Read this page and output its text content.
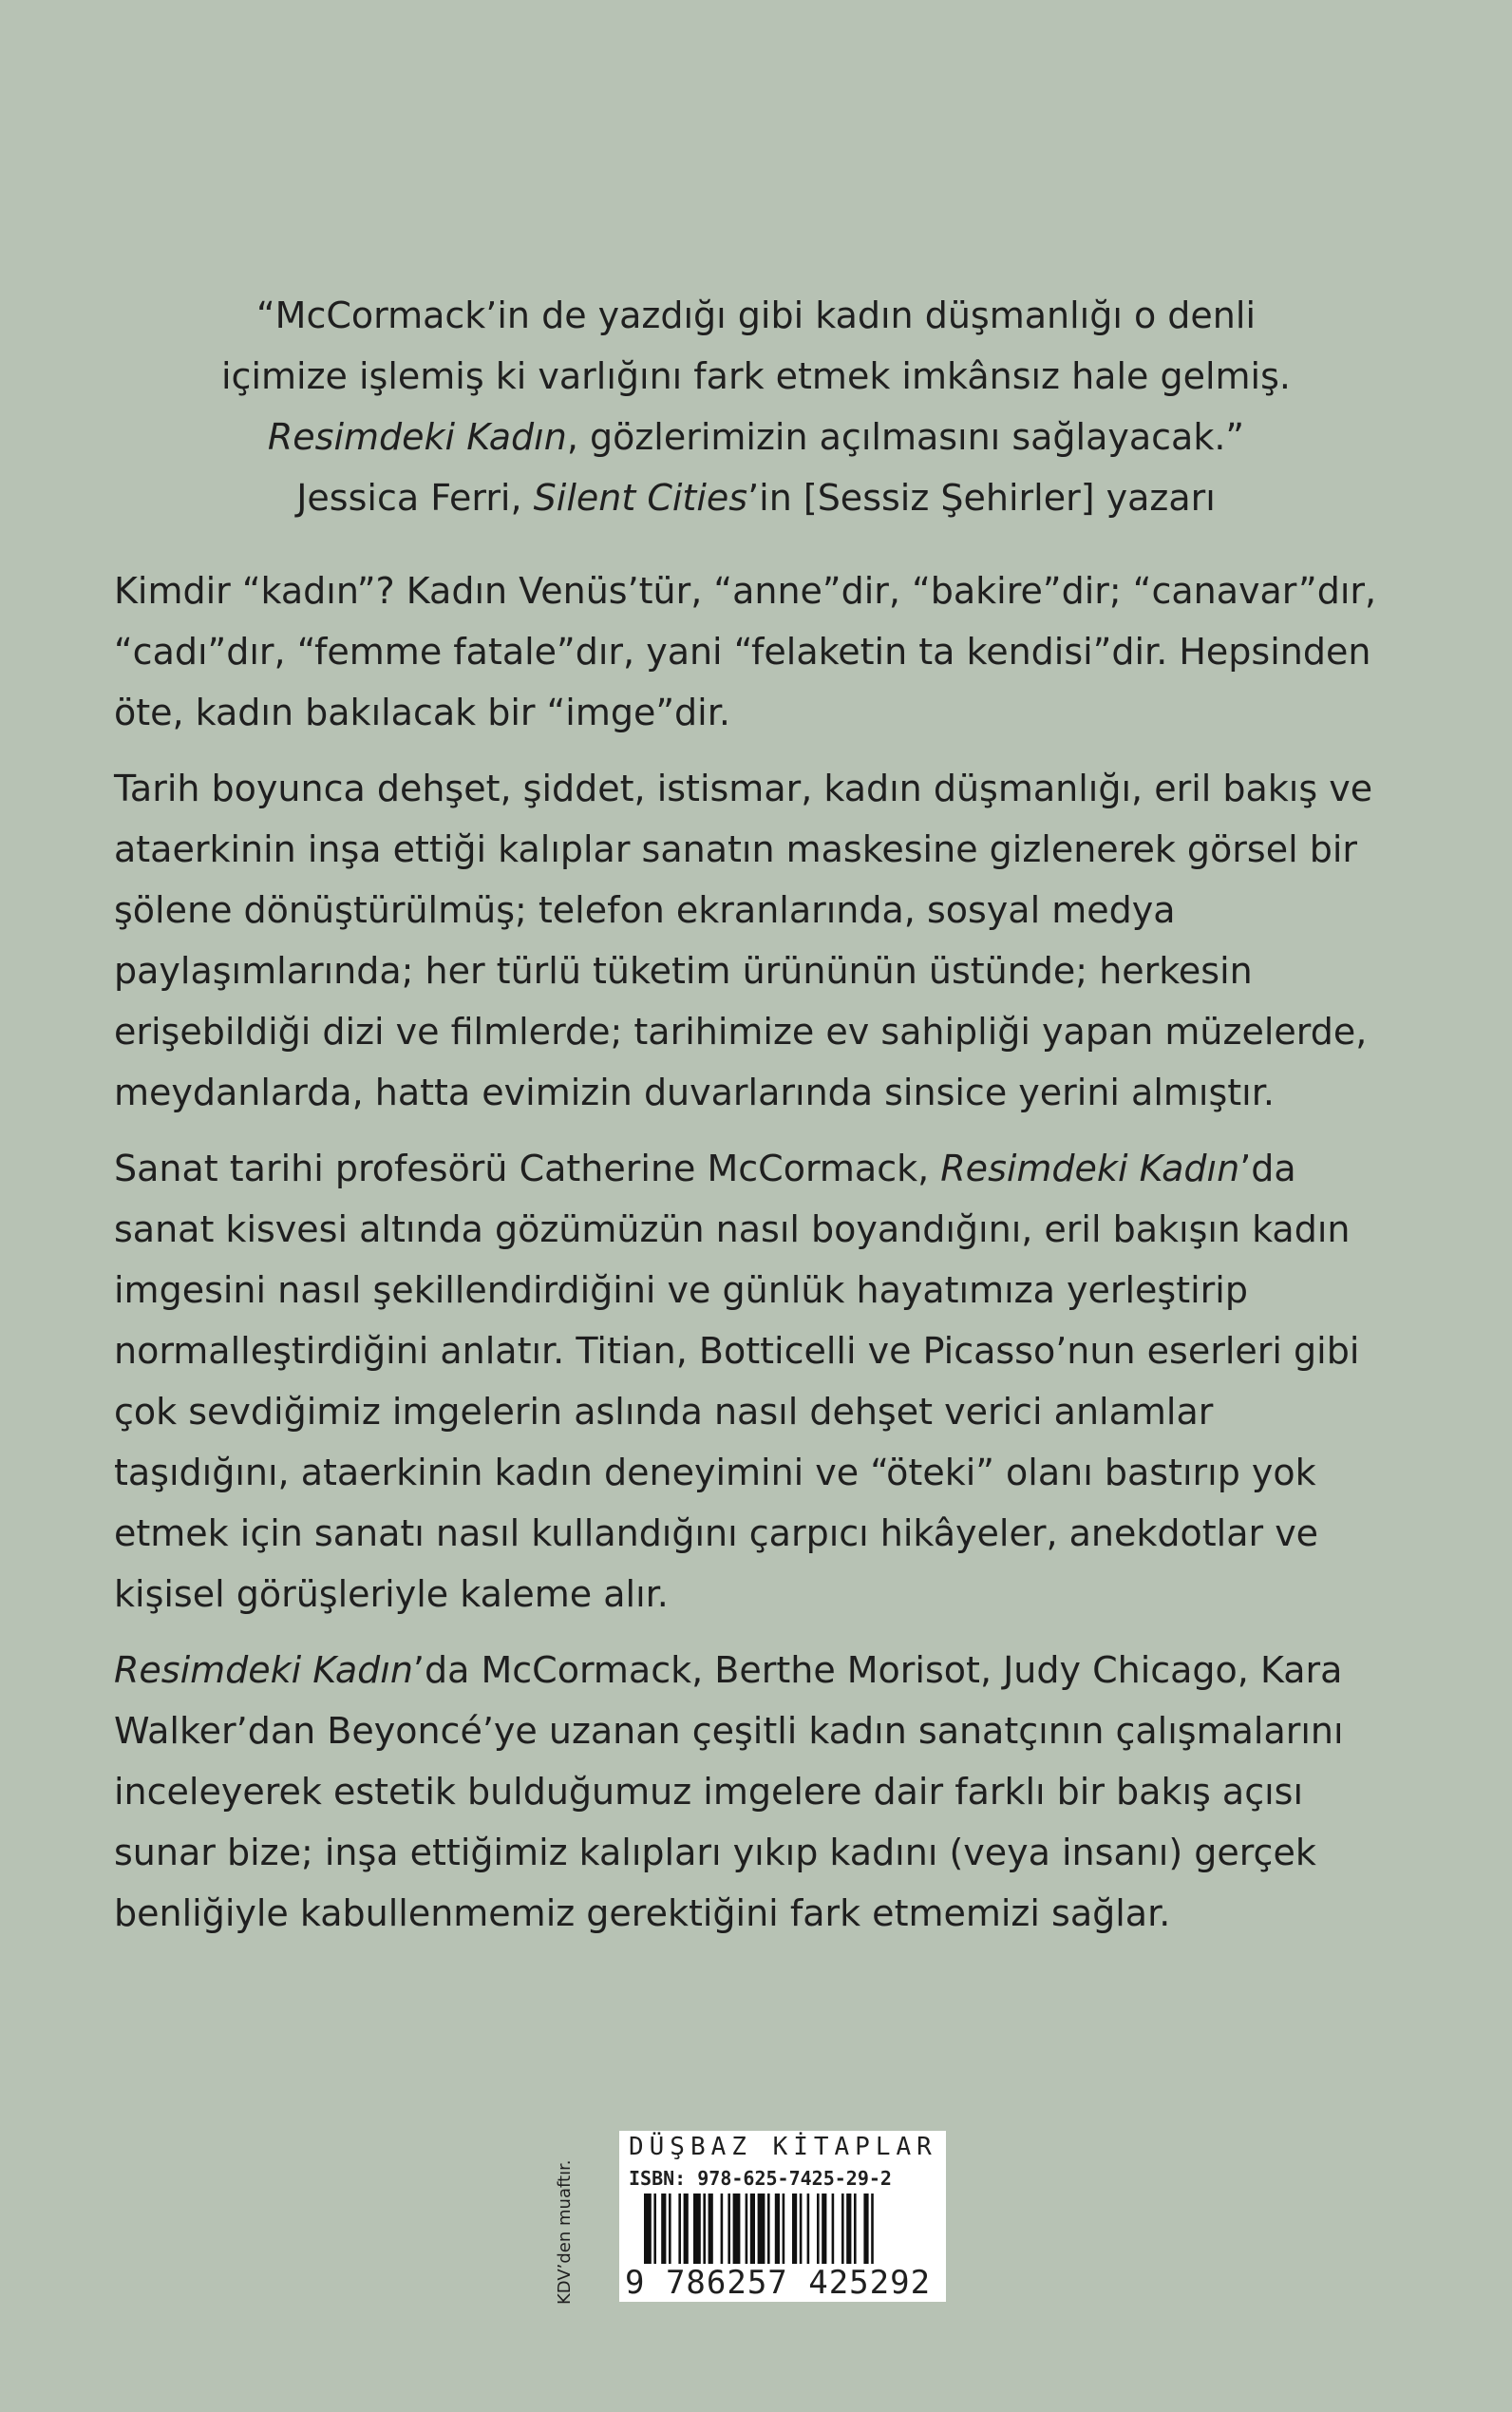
“McCormack’in de yazdığı gibi kadın düşmanlığı o denli

içimize işlemiş ki varlığını fark etmek imkânsız hale gelmiş.

Resimdeki Kadın, gözlerimizin açılmasını sağlayacak.”

Jessica Ferri, Silent Cities’in [Sessiz Şehirler] yazarı

Kimdir “kadın”? Kadın Venüs’tür, “anne”dir, “bakire”dir; “canavar”dır, “cadı”dır, “femme fatale”dır, yani “felaketin ta kendisi”dir. Hepsinden öte, kadın bakılacak bir “imge”dir.

Tarih boyunca dehşet, şiddet, istismar, kadın düşmanlığı, eril bakış ve ataerkinin inşa ettiği kalıplar sanatın maskesine gizlenerek görsel bir şölene dönüştürülmüş; telefon ekranlarında, sosyal medya paylaşımlarında; her türlü tüketim ürününün üstünde; herkesin erişebildiği dizi ve filmlerde; tarihimize ev sahipliği yapan müzelerde, meydanlarda, hatta evimizin duvarlarında sinsice yerini almıştır.

Sanat tarihi profesörü Catherine McCormack, Resimdeki Kadın’da sanat kisvesi altında gözümüzün nasıl boyandığını, eril bakışın kadın imgesini nasıl şekillendirdiğini ve günlük hayatımıza yerleştirip normalleştirdiğini anlatır. Titian, Botticelli ve Picasso’nun eserleri gibi çok sevdiğimiz imgelerin aslında nasıl dehşet verici anlamlar taşıdığını, ataerkinin kadın deneyimini ve “öteki” olanı bastırıp yok etmek için sanatı nasıl kullandığını çarpıcı hikâyeler, anekdotlar ve kişisel görüşleriyle kaleme alır.

Resimdeki Kadın’da McCormack, Berthe Morisot, Judy Chicago, Kara Walker’dan Beyoncé’ye uzanan çeşitli kadın sanatçının çalışmalarını inceleyerek estetik bulduğumuz imgelere dair farklı bir bakış açısı sunar bize; inşa ettiğimiz kalıpları yıkıp kadını (veya insanı) gerçek benliğiyle kabullenmemiz gerektiğini fark etmemizi sağlar.

KDV’den muaftır.
DÜŞBAZ KİTAPLAR
ISBN: 978-625-7425-29-2
9 786257 425292
